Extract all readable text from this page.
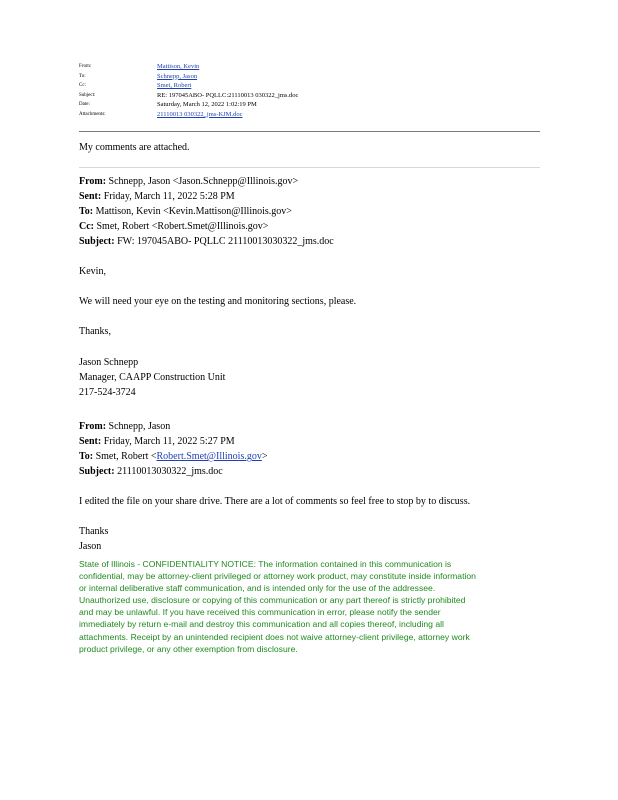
From:	Mattison, Kevin
To:	Schnepp, Jason
Cc:	Smet, Robert
Subject:	RE: 197045ABO- PQLLC:21110013 030322_jms.doc
Date:	Saturday, March 12, 2022 1:02:19 PM
Attachments:	21110013 030322_jms-KJM.doc
My comments are attached.
From: Schnepp, Jason <Jason.Schnepp@Illinois.gov>
Sent: Friday, March 11, 2022 5:28 PM
To: Mattison, Kevin <Kevin.Mattison@Illinois.gov>
Cc: Smet, Robert <Robert.Smet@Illinois.gov>
Subject: FW: 197045ABO- PQLLC 21110013030322_jms.doc
Kevin,
We will need your eye on the testing and monitoring sections, please.
Thanks,
Jason Schnepp
Manager, CAAPP Construction Unit
217-524-3724
From: Schnepp, Jason
Sent: Friday, March 11, 2022 5:27 PM
To: Smet, Robert <Robert.Smet@Illinois.gov>
Subject: 21110013030322_jms.doc
I edited the file on your share drive. There are a lot of comments so feel free to stop by to discuss.
Thanks
Jason
State of Illinois - CONFIDENTIALITY NOTICE: The information contained in this communication is
confidential, may be attorney-client privileged or attorney work product, may constitute inside information
or internal deliberative staff communication, and is intended only for the use of the addressee.
Unauthorized use, disclosure or copying of this communication or any part thereof is strictly prohibited
and may be unlawful. If you have received this communication in error, please notify the sender
immediately by return e-mail and destroy this communication and all copies thereof, including all
attachments. Receipt by an unintended recipient does not waive attorney-client privilege, attorney work
product privilege, or any other exemption from disclosure.
